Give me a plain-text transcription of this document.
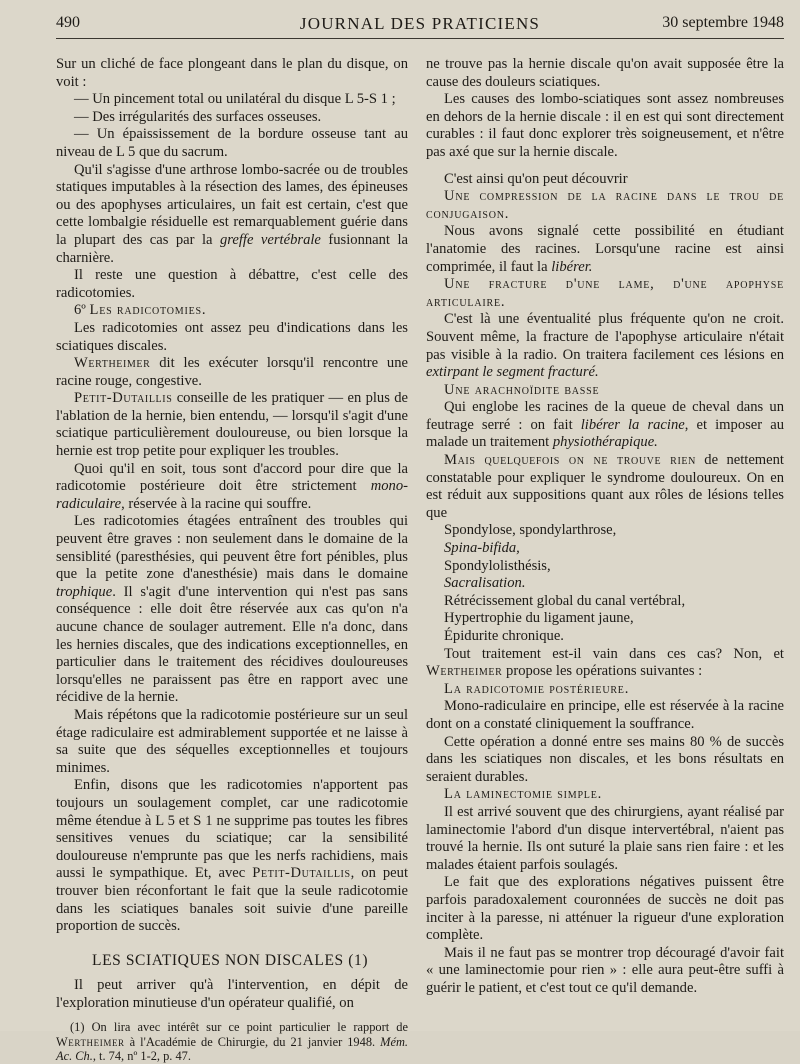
490	JOURNAL DES PRATICIENS	30 septembre 1948

Sur un cliché de face plongeant dans le plan du disque, on voit :

— Un pincement total ou unilatéral du disque L 5-S 1 ;

— Des irrégularités des surfaces osseuses.

— Un épaississement de la bordure osseuse tant au niveau de L 5 que du sacrum.

Qu'il s'agisse d'une arthrose lombo-sacrée ou de troubles statiques imputables à la résection des lames, des épineuses ou des apophyses articulaires, un fait est certain, c'est que cette lombalgie résiduelle est remarquablement guérie dans la plupart des cas par la greffe vertébrale fusionnant la charnière.

Il reste une question à débattre, c'est celle des radicotomies.

6º Les radicotomies.

Les radicotomies ont assez peu d'indications dans les sciatiques discales.

Wertheimer dit les exécuter lorsqu'il rencontre une racine rouge, congestive.

Petit-Dutaillis conseille de les pratiquer — en plus de l'ablation de la hernie, bien entendu, — lorsqu'il s'agit d'une sciatique particulièrement douloureuse, ou bien lorsque la hernie est trop petite pour expliquer les troubles.

Quoi qu'il en soit, tous sont d'accord pour dire que la radicotomie postérieure doit être strictement mono-radiculaire, réservée à la racine qui souffre.

Les radicotomies étagées entraînent des troubles qui peuvent être graves : non seulement dans le domaine de la sensiblité (paresthésies, qui peuvent être fort pénibles, plus que la petite zone d'anesthésie) mais dans le domaine trophique. Il s'agit d'une intervention qui n'est pas sans conséquence : elle doit être réservée aux cas qu'on n'a aucune chance de soulager autrement. Elle n'a donc, dans les hernies discales, que des indications exceptionnelles, en particulier dans le traitement des récidives douloureuses lorsqu'elles ne paraissent pas être en rapport avec une récidive de la hernie.

Mais répétons que la radicotomie postérieure sur un seul étage radiculaire est admirablement supportée et ne laisse à sa suite que des séquelles exceptionnelles et toujours minimes.

Enfin, disons que les radicotomies n'apportent pas toujours un soulagement complet, car une radicotomie même étendue à L 5 et S 1 ne supprime pas toutes les fibres sensitives venues du sciatique; car la sensibilité douloureuse n'emprunte pas que les nerfs rachidiens, mais aussi le sympathique. Et, avec Petit-Dutaillis, on peut trouver bien réconfortant le fait que la seule radicotomie dans les sciatiques banales soit suivie d'une pareille proportion de succès.

LES SCIATIQUES NON DISCALES (1)

Il peut arriver qu'à l'intervention, en dépit de l'exploration minutieuse d'un opérateur qualifié, on

(1) On lira avec intérêt sur ce point particulier le rapport de Wertheimer à l'Académie de Chirurgie, du 21 janvier 1948. Mém. Ac. Ch., t. 74, nº 1-2, p. 47.

ne trouve pas la hernie discale qu'on avait supposée être la cause des douleurs sciatiques.

Les causes des lombo-sciatiques sont assez nombreuses en dehors de la hernie discale : il en est qui sont directement curables : il faut donc explorer très soigneusement, et n'être pas axé que sur la hernie discale.

C'est ainsi qu'on peut découvrir

Une compression de la racine dans le trou de conjugaison.

Nous avons signalé cette possibilité en étudiant l'anatomie des racines. Lorsqu'une racine est ainsi comprimée, il faut la libérer.

Une fracture d'une lame, d'une apophyse articulaire.

C'est là une éventualité plus fréquente qu'on ne croit. Souvent même, la fracture de l'apophyse articulaire n'était pas visible à la radio. On traitera facilement ces lésions en extirpant le segment fracturé.

Une arachnoïdite basse

Qui englobe les racines de la queue de cheval dans un feutrage serré : on fait libérer la racine, et imposer au malade un traitement physiothérapique.

Mais quelquefois on ne trouve rien de nettement constatable pour expliquer le syndrome douloureux. On en est réduit aux suppositions quant aux rôles de lésions telles que

Spondylose, spondylarthrose,
Spina-bifida,
Spondylolisthésis,
Sacralisation.
Rétrécissement global du canal vertébral,
Hypertrophie du ligament jaune,
Épidurite chronique.

Tout traitement est-il vain dans ces cas? Non, et Wertheimer propose les opérations suivantes :

La radicotomie postérieure.

Mono-radiculaire en principe, elle est réservée à la racine dont on a constaté cliniquement la souffrance.

Cette opération a donné entre ses mains 80 % de succès dans les sciatiques non discales, et les bons résultats en seraient durables.

La laminectomie simple.

Il est arrivé souvent que des chirurgiens, ayant réalisé par laminectomie l'abord d'un disque intervertébral, n'aient pas trouvé la hernie. Ils ont suturé la plaie sans rien faire : et les malades étaient parfois soulagés.

Le fait que des explorations négatives puissent être parfois paradoxalement couronnées de succès ne doit pas inciter à la paresse, ni atténuer la rigueur d'une exploration complète.

Mais il ne faut pas se montrer trop découragé d'avoir fait « une laminectomie pour rien » : elle aura peut-être suffi à guérir le patient, et c'est tout ce qu'il demande.
